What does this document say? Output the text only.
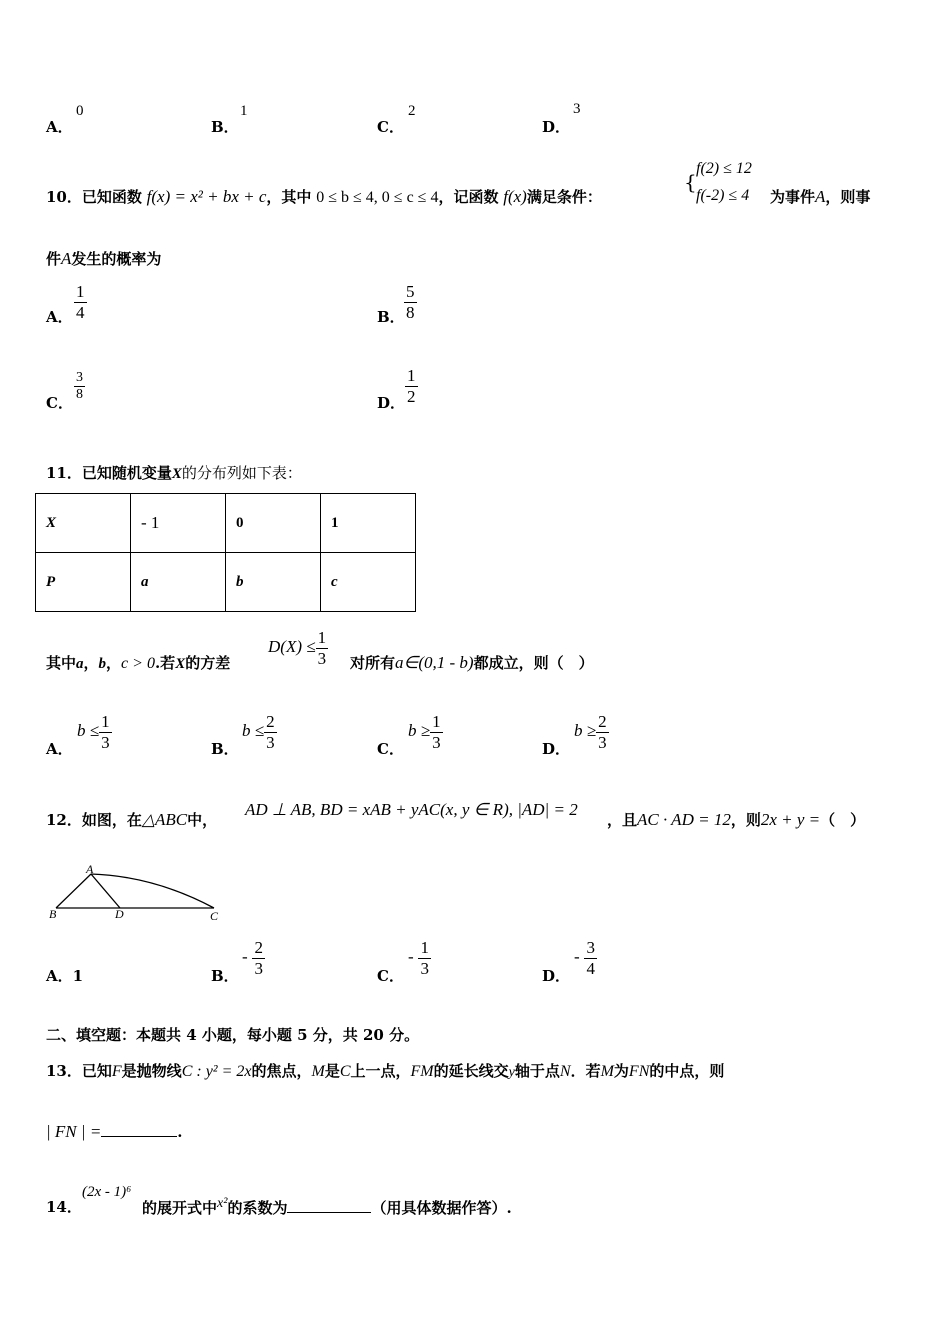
A．
0
B．
1
C．
2
D．
3
10．已知函数 f(x) = x² + bx + c，其中 0 ≤ b ≤ 4, 0 ≤ c ≤ 4，记函数 f(x)满足条件：
{
f(2) ≤ 12
f(-2) ≤ 4 为事件A，则事
件A发生的概率为
A． $\frac{1}{4}$	B． $\frac{5}{8}$
C． $\frac{3}{8}$	D． $\frac{1}{2}$
11．已知随机变量X的分布列如下表：
X	- 1	0	1
P	a	b	c
其中a，b，c > 0.若X的方差
$D(X) \le \frac{1}{3}$ 对所有a∈(0,1 - b)都成立，则（　）
A．
$b \le \frac{1}{3}$	B．
$b \le \frac{2}{3}$	C．
$b \ge \frac{1}{3}$	D．
$b \ge \frac{2}{3}$
12．如图，在△ABC中，
AD ⊥ AB, BD = xAB + yAC(x, y ∈ R), |AD| = 2
，且AC · AD = 12，则2x + y =（　）
A
B	D	C
A．1	B．
- $\frac{2}{3}$	C．
- $\frac{1}{3}$	D．
- $\frac{3}{4}$
二、填空题：本题共 4 小题，每小题 5 分，共 20 分。
13．已知F是抛物线C : y² = 2x的焦点，M是C上一点，FM的延长线交y轴于点N．若M为FN的中点，则
| FN | =	.
14．
(2x - 1)⁶
的展开式中x²的系数为	（用具体数据作答）.
